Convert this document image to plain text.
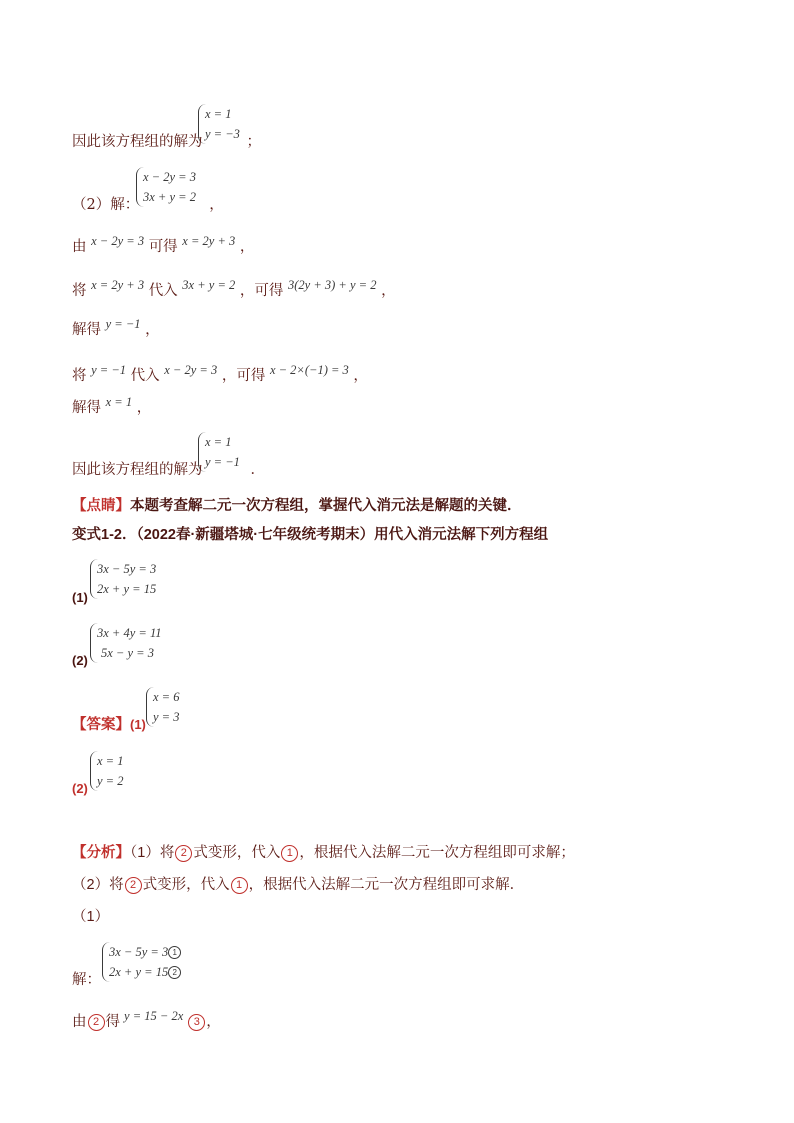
x = 1
y = −3
因此该方程组的解为	；
x − 2y = 3
3x + y = 2
（2）解：	，
由 x − 2y = 3 可得 x = 2y + 3 ，
将 x = 2y + 3 代入 3x + y = 2 ，可得 3(2y + 3) + y = 2 ，
解得 y = −1 ，
将 y = −1 代入 x − 2y = 3 ，可得 x − 2×(−1) = 3 ，
解得 x = 1 ，
x = 1
y = −1
因此该方程组的解为	．
【点睛】本题考查解二元一次方程组，掌握代入消元法是解题的关键．
变式1-2．（2022春·新疆塔城·七年级统考期末）用代入消元法解下列方程组
3x − 5y = 3
2x + y = 15
(1)
3x + 4y = 11
5x − y = 3
(2)
x = 6
y = 3
【答案】(1)
x = 1
y = 2
(2)
【分析】（1）将 2 式变形，代入 1 ，根据代入法解二元一次方程组即可求解；
（2）将 2 式变形，代入 1 ，根据代入法解二元一次方程组即可求解．
（1）
3x − 5y = 3 1
2x + y = 15 2
解：
由 2 得 y = 15 − 2x 3 ，
